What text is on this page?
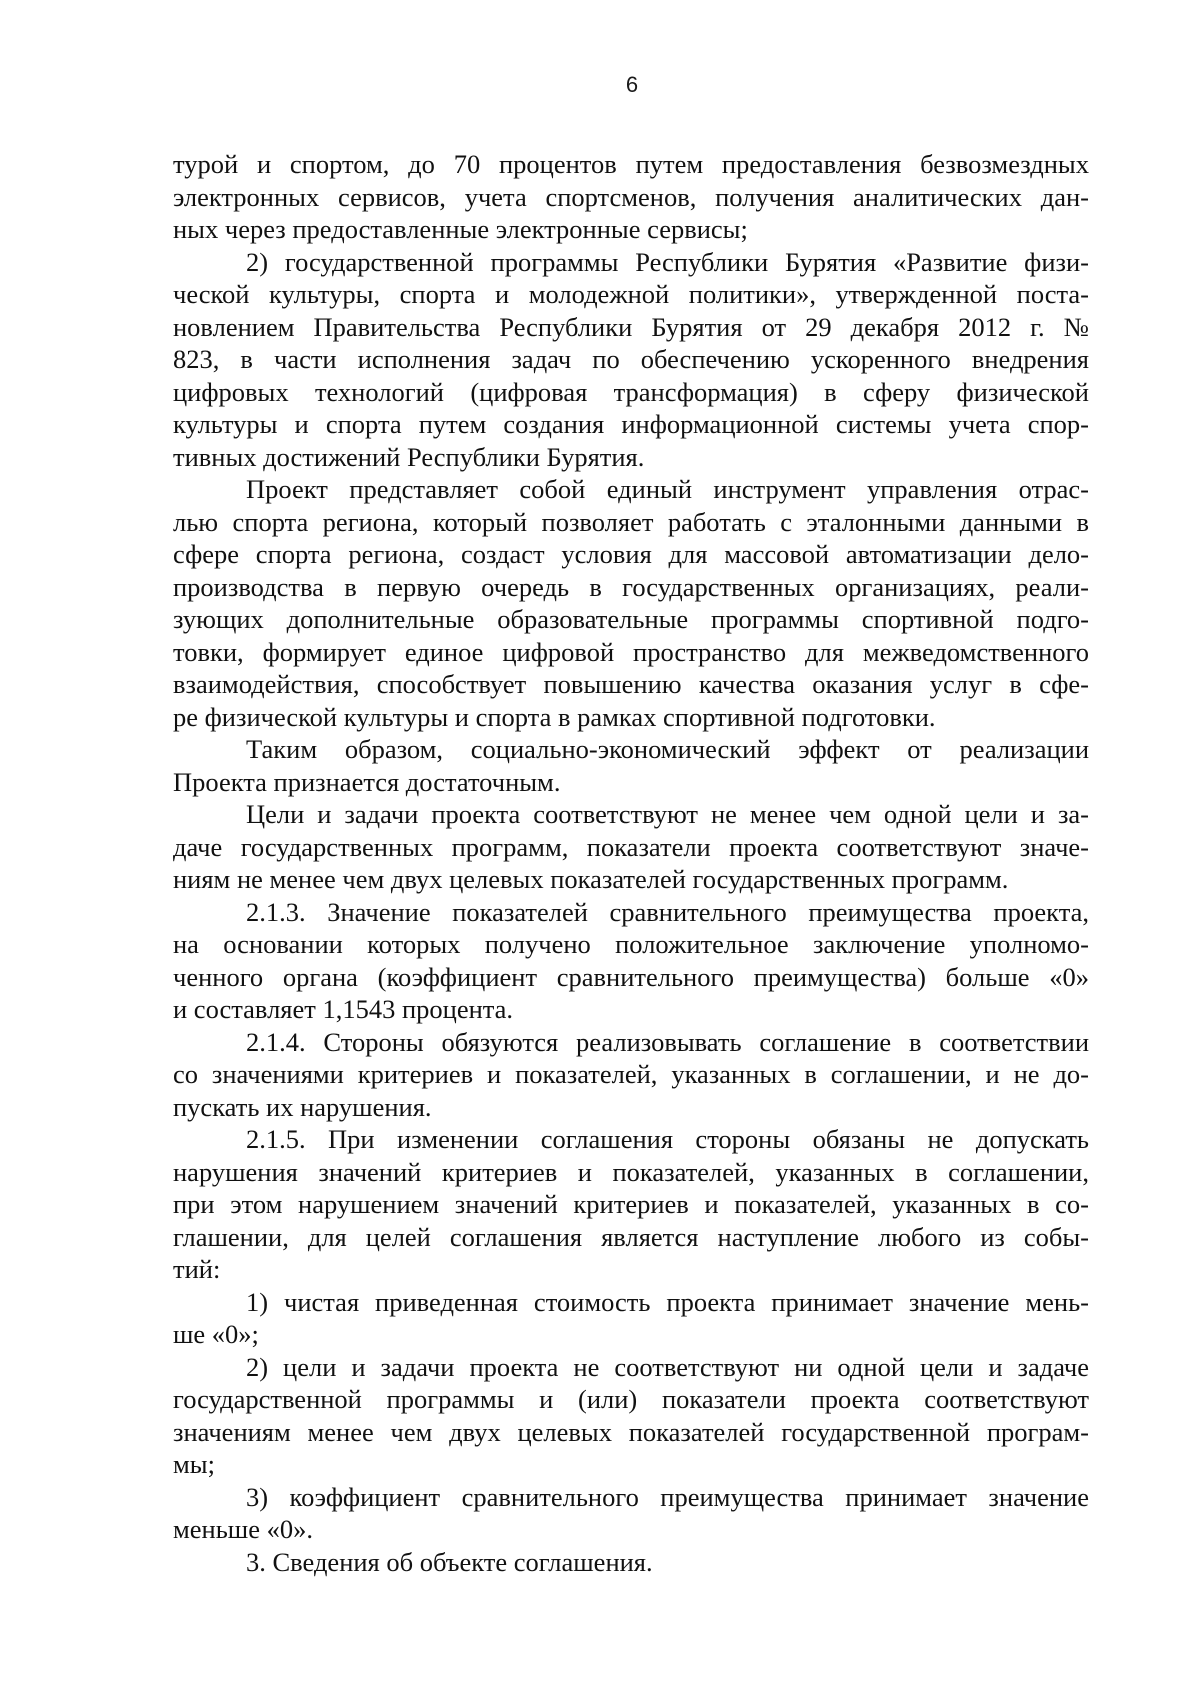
6
турой и спортом, до 70 процентов путем предоставления безвозмездных
электронных сервисов, учета спортсменов, получения аналитических дан-
ных через предоставленные электронные сервисы;
2) государственной программы Республики Бурятия «Развитие физи-
ческой культуры, спорта и молодежной политики», утвержденной поста-
новлением Правительства Республики Бурятия от 29 декабря 2012 г. №
823, в части исполнения задач по обеспечению ускоренного внедрения
цифровых технологий (цифровая трансформация) в сферу физической
культуры и спорта путем создания информационной системы учета спор-
тивных достижений Республики Бурятия.
Проект представляет собой единый инструмент управления отрас-
лью спорта региона, который позволяет работать с эталонными данными в
сфере спорта региона, создаст условия для массовой автоматизации дело-
производства в первую очередь в государственных организациях, реали-
зующих дополнительные образовательные программы спортивной подго-
товки, формирует единое цифровой пространство для межведомственного
взаимодействия, способствует повышению качества оказания услуг в сфе-
ре физической культуры и спорта в рамках спортивной подготовки.
Таким образом, социально-экономический эффект от реализации
Проекта признается достаточным.
Цели и задачи проекта соответствуют не менее чем одной цели и за-
даче государственных программ, показатели проекта соответствуют значе-
ниям не менее чем двух целевых показателей государственных программ.
2.1.3. Значение показателей сравнительного преимущества проекта,
на основании которых получено положительное заключение уполномо-
ченного органа (коэффициент сравнительного преимущества) больше «0»
и составляет 1,1543 процента.
2.1.4. Стороны обязуются реализовывать соглашение в соответствии
со значениями критериев и показателей, указанных в соглашении, и не до-
пускать их нарушения.
2.1.5. При изменении соглашения стороны обязаны не допускать
нарушения значений критериев и показателей, указанных в соглашении,
при этом нарушением значений критериев и показателей, указанных в со-
глашении, для целей соглашения является наступление любого из собы-
тий:
1) чистая приведенная стоимость проекта принимает значение мень-
ше «0»;
2) цели и задачи проекта не соответствуют ни одной цели и задаче
государственной программы и (или) показатели проекта соответствуют
значениям менее чем двух целевых показателей государственной програм-
мы;
3) коэффициент сравнительного преимущества принимает значение
меньше «0».
3. Сведения об объекте соглашения.
